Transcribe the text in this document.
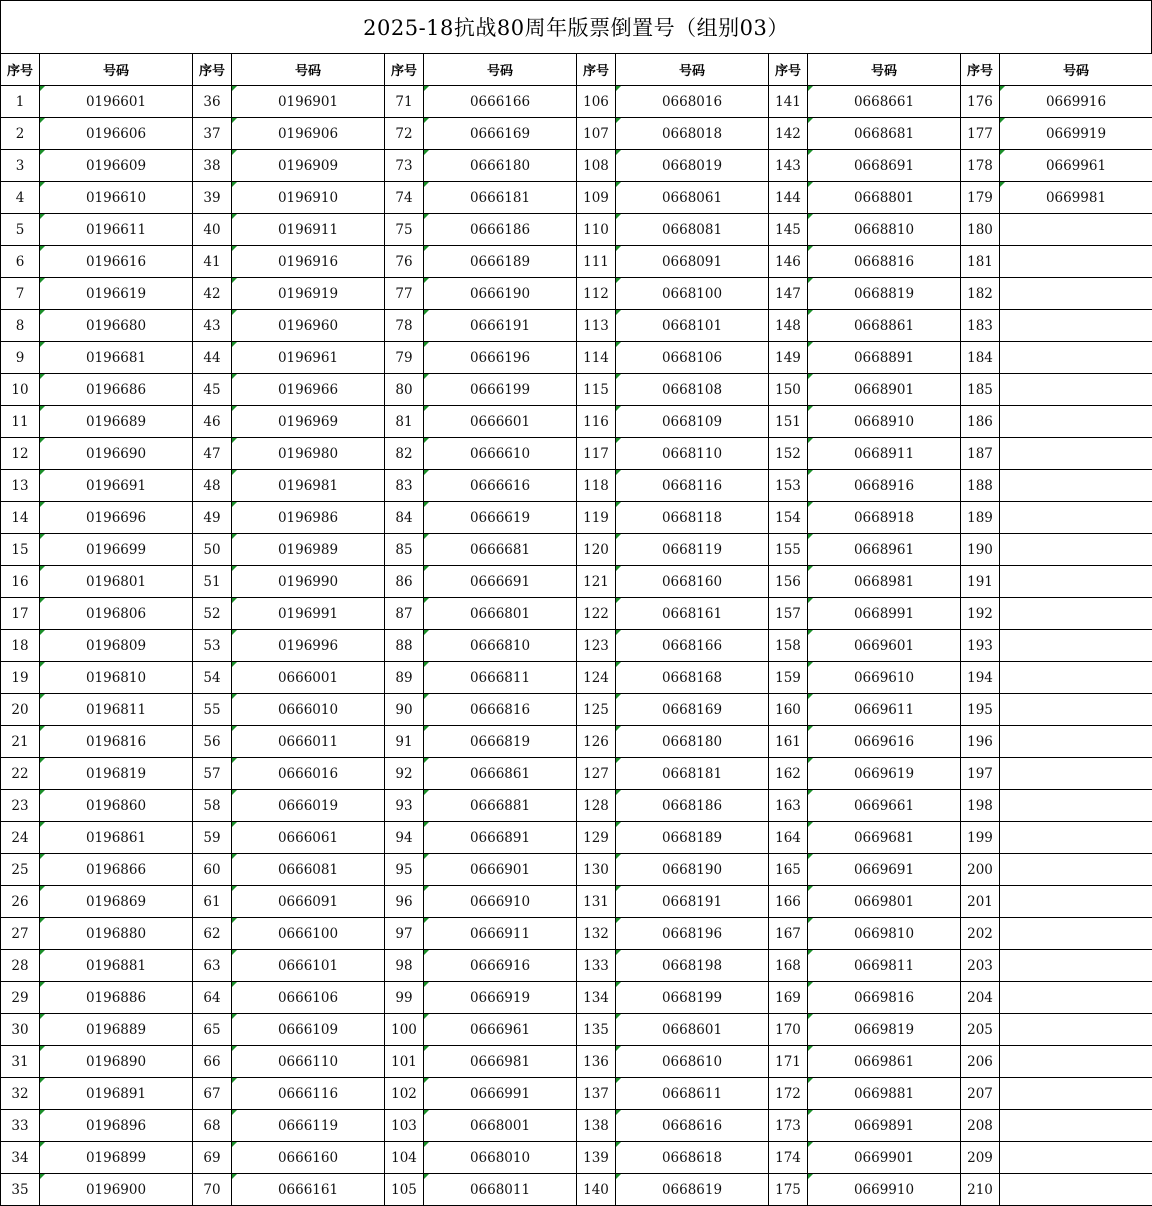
2025-18抗战80周年版票倒置号（组别03）
序号	号码	序号	号码	序号	号码	序号	号码	序号	号码	序号	号码
1	0196601	36	0196901	71	0666166	106	0668016	141	0668661	176	0669916

2	0196606	37	0196906	72	0666169	107	0668018	142	0668681	177	0669919

3	0196609	38	0196909	73	0666180	108	0668019	143	0668691	178	0669961

4	0196610	39	0196910	74	0666181	109	0668061	144	0668801	179	0669981

5	0196611	40	0196911	75	0666186	110	0668081	145	0668810	180	
6	0196616	41	0196916	76	0666189	111	0668091	146	0668816	181	
7	0196619	42	0196919	77	0666190	112	0668100	147	0668819	182	
8	0196680	43	0196960	78	0666191	113	0668101	148	0668861	183	
9	0196681	44	0196961	79	0666196	114	0668106	149	0668891	184	
10	0196686	45	0196966	80	0666199	115	0668108	150	0668901	185	
11	0196689	46	0196969	81	0666601	116	0668109	151	0668910	186	
12	0196690	47	0196980	82	0666610	117	0668110	152	0668911	187	
13	0196691	48	0196981	83	0666616	118	0668116	153	0668916	188	
14	0196696	49	0196986	84	0666619	119	0668118	154	0668918	189	
15	0196699	50	0196989	85	0666681	120	0668119	155	0668961	190	
16	0196801	51	0196990	86	0666691	121	0668160	156	0668981	191	
17	0196806	52	0196991	87	0666801	122	0668161	157	0668991	192	
18	0196809	53	0196996	88	0666810	123	0668166	158	0669601	193	
19	0196810	54	0666001	89	0666811	124	0668168	159	0669610	194	
20	0196811	55	0666010	90	0666816	125	0668169	160	0669611	195	
21	0196816	56	0666011	91	0666819	126	0668180	161	0669616	196	
22	0196819	57	0666016	92	0666861	127	0668181	162	0669619	197	
23	0196860	58	0666019	93	0666881	128	0668186	163	0669661	198	
24	0196861	59	0666061	94	0666891	129	0668189	164	0669681	199	
25	0196866	60	0666081	95	0666901	130	0668190	165	0669691	200	
26	0196869	61	0666091	96	0666910	131	0668191	166	0669801	201	
27	0196880	62	0666100	97	0666911	132	0668196	167	0669810	202	
28	0196881	63	0666101	98	0666916	133	0668198	168	0669811	203	
29	0196886	64	0666106	99	0666919	134	0668199	169	0669816	204	
30	0196889	65	0666109	100	0666961	135	0668601	170	0669819	205	
31	0196890	66	0666110	101	0666981	136	0668610	171	0669861	206	
32	0196891	67	0666116	102	0666991	137	0668611	172	0669881	207	
33	0196896	68	0666119	103	0668001	138	0668616	173	0669891	208	
34	0196899	69	0666160	104	0668010	139	0668618	174	0669901	209	
35	0196900	70	0666161	105	0668011	140	0668619	175	0669910	210	
